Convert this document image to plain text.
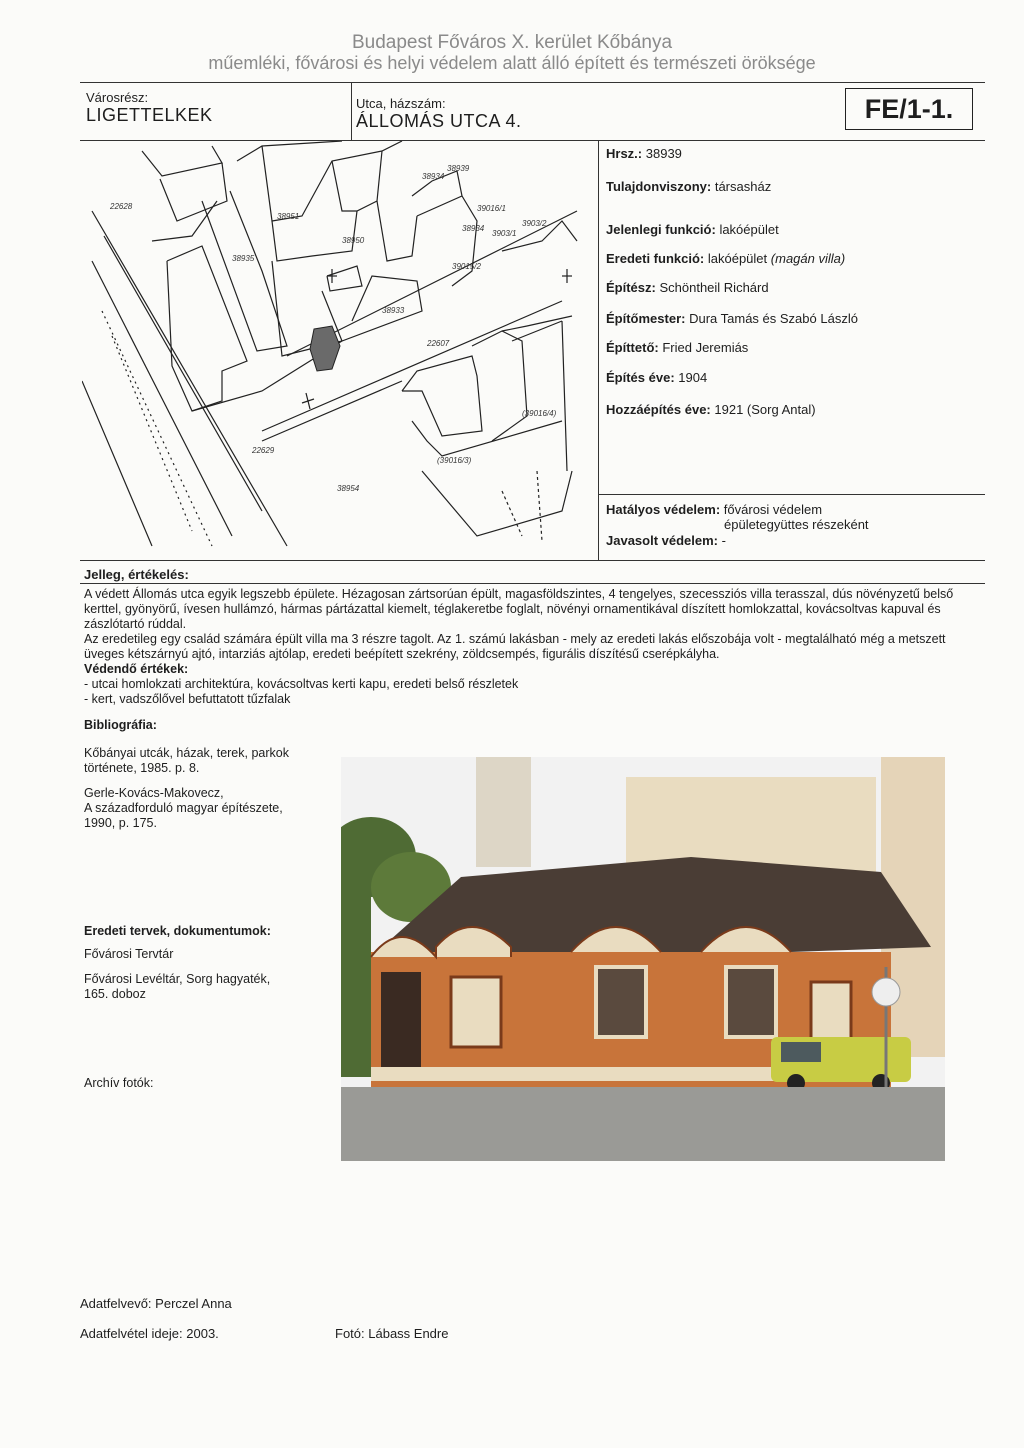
Budapest Főváros X. kerület Kőbánya
műemléki, fővárosi és helyi védelem alatt álló épített és természeti öröksége
Városrész:
LIGETTELKEK
Utca, házszám:
ÁLLOMÁS UTCA 4.	FE/1-1.
22628
38939
38951
38950
38934
38933
38935
38934
22607
38954
22629
(39016/4)
(39016/3)
39015/2
39016/1
3903/1
3903/2
Hrsz.: 38939
Tulajdonviszony: társasház
Jelenlegi funkció: lakóépület
Eredeti funkció: lakóépület (magán villa)
Építész: Schöntheil Richárd
Építőmester: Dura Tamás és Szabó László
Építtető: Fried Jeremiás
Építés éve: 1904
Hozzáépítés éve: 1921 (Sorg Antal)
Hatályos védelem: fővárosi védelem
épületegyüttes részeként
Javasolt védelem: -
Jelleg, értékelés:

A védett Állomás utca egyik legszebb épülete. Hézagosan zártsorúan épült, magasföldszintes, 4 tengelyes, szecessziós villa terasszal, dús növényzetű belső kerttel, gyönyörű, ívesen hullámzó, hármas pártázattal kiemelt, téglakeretbe foglalt, növényi ornamentikával díszített homlokzattal, kovácsoltvas kapuval és zászlótartó rúddal.

Az eredetileg egy család számára épült villa ma 3 részre tagolt. Az 1. számú lakásban - mely az eredeti lakás előszobája volt - megtalálható még a metszett üveges kétszárnyú ajtó, intarziás ajtólap, eredeti beépített szekrény, zöldcsempés, figurális díszítésű cserépkályha.

Védendő értékek:

- utcai homlokzati architektúra, kovácsoltvas kerti kapu, eredeti belső részletek

- kert, vadszőlővel befuttatott tűzfalak

Bibliográfia:

Kőbányai utcák, házak, terek, parkok

története, 1985. p. 8.

Gerle-Kovács-Makovecz,

A századforduló magyar építészete,

1990, p. 175.

Eredeti tervek, dokumentumok:

Fővárosi Tervtár

Fővárosi Levéltár, Sorg hagyaték,

165. doboz

Archív fotók:
Adatfelvevő: Perczel Anna
Adatfelvétel ideje: 2003.	Fotó: Lábass Endre
